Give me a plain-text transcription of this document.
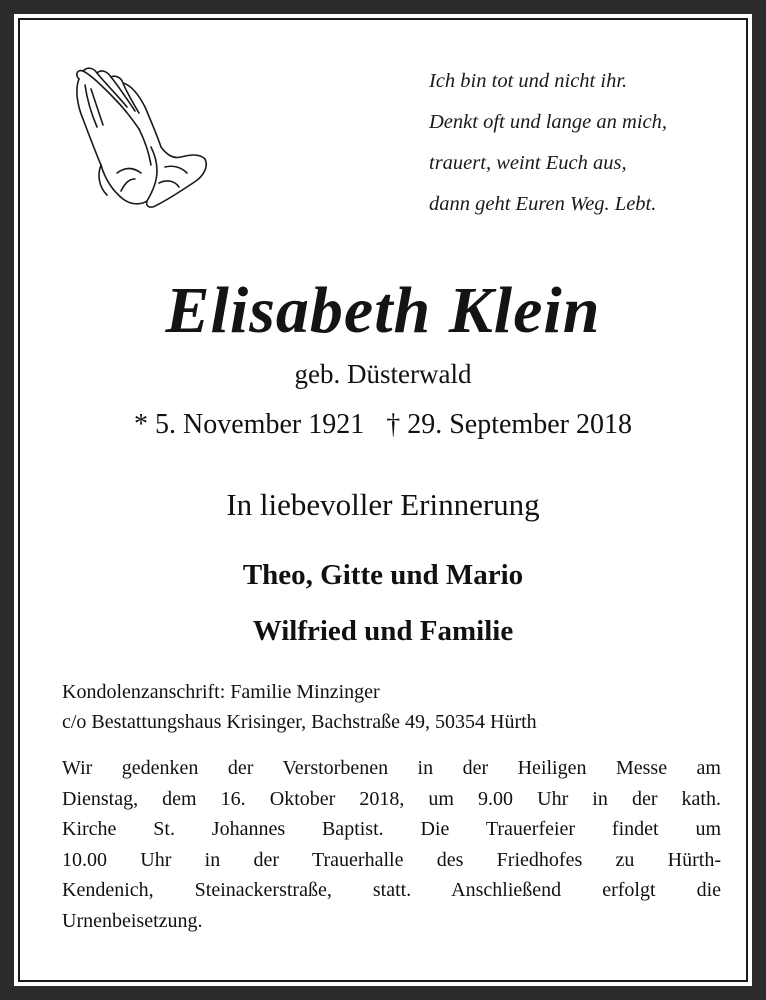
Ich bin tot und nicht ihr.
Denkt oft und lange an mich,
trauert, weint Euch aus,
dann geht Euren Weg. Lebt.
Elisabeth Klein
geb. Düsterwald
* 5. November 1921 † 29. September 2018
In liebevoller Erinnerung
Theo, Gitte und Mario
Wilfried und Familie
Kondolenzanschrift: Familie Minzinger
c/o Bestattungshaus Krisinger, Bachstraße 49, 50354 Hürth
Wir gedenken der Verstorbenen in der Heiligen Messe am
Dienstag, dem 16. Oktober 2018, um 9.00 Uhr in der kath.
Kirche St. Johannes Baptist. Die Trauerfeier findet um
10.00 Uhr in der Trauerhalle des Friedhofes zu Hürth-
Kendenich, Steinackerstraße, statt. Anschließend erfolgt die
Urnenbeisetzung.
